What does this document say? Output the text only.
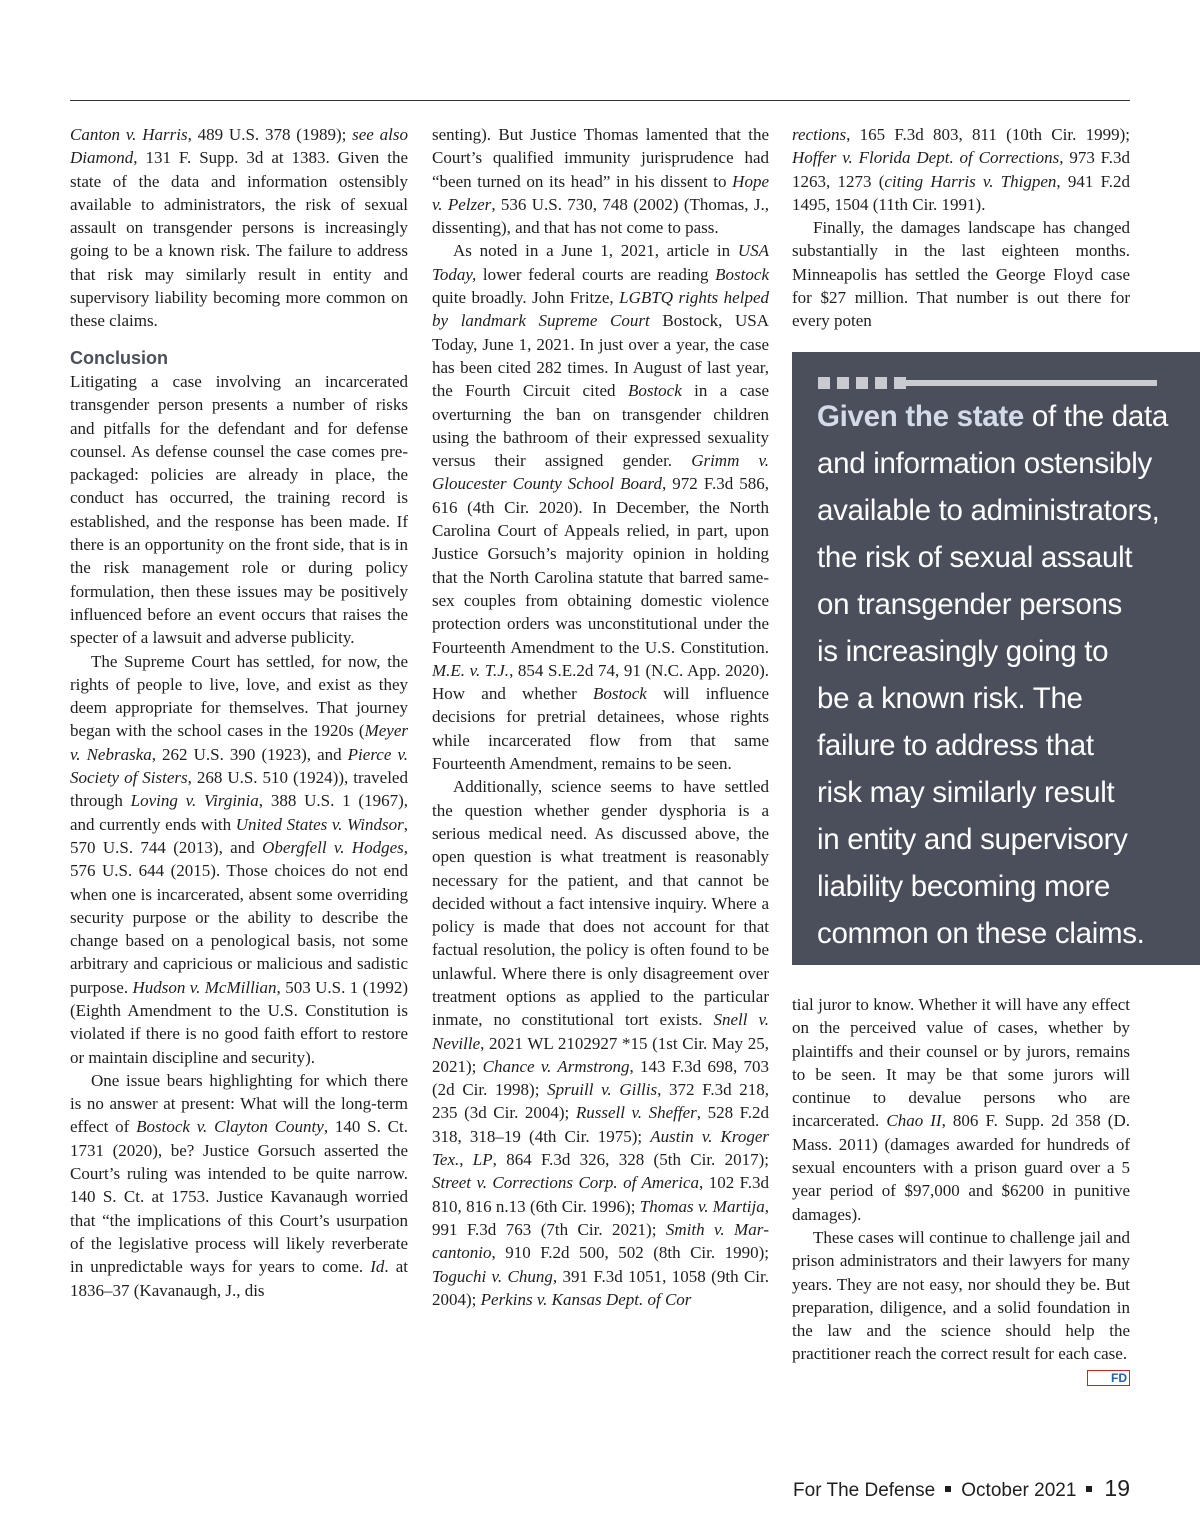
Canton v. Harris, 489 U.S. 378 (1989); see also Diamond, 131 F. Supp. 3d at 1383. Given the state of the data and information ostensibly available to administrators, the risk of sexual assault on transgender persons is increasingly going to be a known risk. The failure to address that risk may similarly result in entity and supervisory liability becoming more common on these claims.

Conclusion

Litigating a case involving an incarcerated transgender person presents a number of risks and pitfalls for the defendant and for defense counsel. As defense counsel the case comes pre-packaged: policies are already in place, the conduct has occurred, the training record is established, and the response has been made. If there is an opportunity on the front side, that is in the risk management role or during policy formulation, then these issues may be positively influenced before an event occurs that raises the specter of a lawsuit and adverse publicity.

The Supreme Court has settled, for now, the rights of people to live, love, and exist as they deem appropriate for themselves. That journey began with the school cases in the 1920s (Meyer v. Nebraska, 262 U.S. 390 (1923), and Pierce v. Society of Sisters, 268 U.S. 510 (1924)), traveled through Loving v. Virginia, 388 U.S. 1 (1967), and currently ends with United States v. Windsor, 570 U.S. 744 (2013), and Obergfell v. Hodges, 576 U.S. 644 (2015). Those choices do not end when one is incarcerated, absent some overriding security purpose or the ability to describe the change based on a penological basis, not some arbitrary and capricious or malicious and sadistic purpose. Hudson v. McMillian, 503 U.S. 1 (1992) (Eighth Amendment to the U.S. Constitution is violated if there is no good faith effort to restore or maintain discipline and security).

One issue bears highlighting for which there is no answer at present: What will the long-term effect of Bostock v. Clayton County, 140 S. Ct. 1731 (2020), be? Justice Gorsuch asserted the Court’s ruling was intended to be quite narrow. 140 S. Ct. at 1753. Justice Kavanaugh worried that “the implications of this Court’s usurpation of the legislative process will likely reverberate in unpredictable ways for years to come. Id. at 1836–37 (Kavanaugh, J., dis

senting). But Justice Thomas lamented that the Court’s qualified immunity jurisprudence had “been turned on its head” in his dissent to Hope v. Pelzer, 536 U.S. 730, 748 (2002) (Thomas, J., dissenting), and that has not come to pass.

As noted in a June 1, 2021, article in USA Today, lower federal courts are reading Bostock quite broadly. John Fritze, LGBTQ rights helped by landmark Supreme Court Bostock, USA Today, June 1, 2021. In just over a year, the case has been cited 282 times. In August of last year, the Fourth Circuit cited Bostock in a case overturning the ban on transgender children using the bathroom of their expressed sexuality versus their assigned gender. Grimm v. Gloucester County School Board, 972 F.3d 586, 616 (4th Cir. 2020). In December, the North Carolina Court of Appeals relied, in part, upon Justice Gorsuch’s majority opinion in holding that the North Carolina statute that barred same-sex couples from obtaining domestic violence protection orders was unconstitutional under the Fourteenth Amendment to the U.S. Constitution. M.E. v. T.J., 854 S.E.2d 74, 91 (N.C. App. 2020). How and whether Bostock will influence decisions for pretrial detainees, whose rights while incarcerated flow from that same Fourteenth Amendment, remains to be seen.

Additionally, science seems to have settled the question whether gender dysphoria is a serious medical need. As discussed above, the open question is what treatment is reasonably necessary for the patient, and that cannot be decided without a fact intensive inquiry. Where a policy is made that does not account for that factual resolution, the policy is often found to be unlawful. Where there is only disagreement over treatment options as applied to the particular inmate, no constitutional tort exists. Snell v. Neville, 2021 WL 2102927 *15 (1st Cir. May 25, 2021); Chance v. Armstrong, 143 F.3d 698, 703 (2d Cir. 1998); Spruill v. Gillis, 372 F.3d 218, 235 (3d Cir. 2004); Russell v. Sheffer, 528 F.2d 318, 318–19 (4th Cir. 1975); Austin v. Kroger Tex., LP, 864 F.3d 326, 328 (5th Cir. 2017); Street v. Corrections Corp. of America, 102 F.3d 810, 816 n.13 (6th Cir. 1996); Thomas v. Martija, 991 F.3d 763 (7th Cir. 2021); Smith v. Marcantonio, 910 F.2d 500, 502 (8th Cir. 1990); Toguchi v. Chung, 391 F.3d 1051, 1058 (9th Cir. 2004); Perkins v. Kansas Dept. of Cor

rections, 165 F.3d 803, 811 (10th Cir. 1999); Hoffer v. Florida Dept. of Corrections, 973 F.3d 1263, 1273 (citing Harris v. Thigpen, 941 F.2d 1495, 1504 (11th Cir. 1991).

Finally, the damages landscape has changed substantially in the last eighteen months. Minneapolis has settled the George Floyd case for $27 million. That number is out there for every poten

Given the state of the data
and information ostensibly
available to administrators,
the risk of sexual assault
on transgender persons
is increasingly going to
be a known risk. The
failure to address that
risk may similarly result
in entity and supervisory
liability becoming more
common on these claims.

tial juror to know. Whether it will have any effect on the perceived value of cases, whether by plaintiffs and their counsel or by jurors, remains to be seen. It may be that some jurors will continue to devalue persons who are incarcerated. Chao II, 806 F. Supp. 2d 358 (D. Mass. 2011) (damages awarded for hundreds of sexual encounters with a prison guard over a 5 year period of $97,000 and $6200 in punitive damages).

These cases will continue to challenge jail and prison administrators and their lawyers for many years. They are not easy, nor should they be. But preparation, diligence, and a solid foundation in the law and the science should help the practitioner reach the correct result for each case.
FD

For The Defense October 2021 19
